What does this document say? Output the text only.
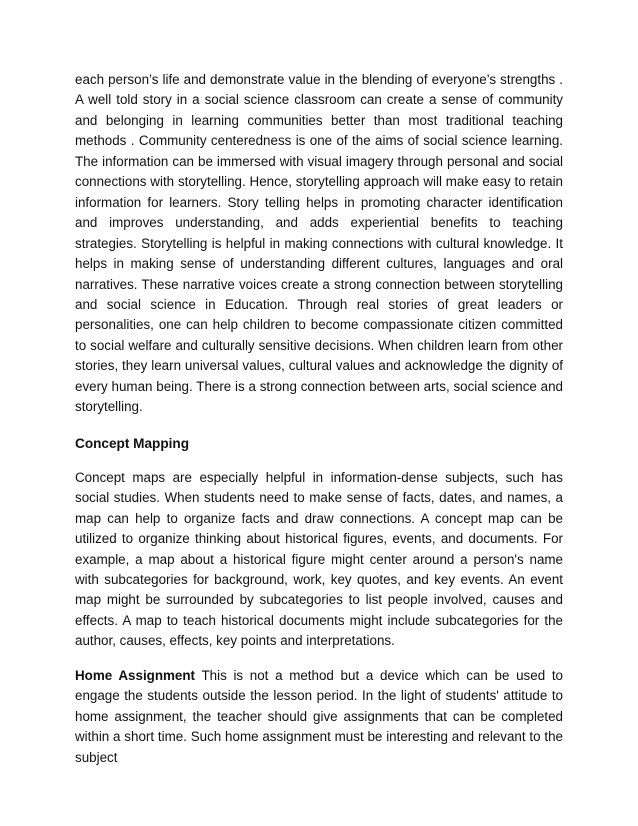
each person’s life and demonstrate value in the blending of everyone’s strengths . A well told story in a social science classroom can create a sense of community and belonging in learning communities better than most traditional teaching methods . Community centeredness is one of the aims of social science learning. The information can be immersed with visual imagery through personal and social connections with storytelling. Hence, storytelling approach will make easy to retain information for learners. Story telling helps in promoting character identification and improves understanding, and adds experiential benefits to teaching strategies. Storytelling is helpful in making connections with cultural knowledge. It helps in making sense of understanding different cultures, languages and oral narratives. These narrative voices create a strong connection between storytelling and social science in Education. Through real stories of great leaders or personalities, one can help children to become compassionate citizen committed to social welfare and culturally sensitive decisions. When children learn from other stories, they learn universal values, cultural values and acknowledge the dignity of every human being. There is a strong connection between arts, social science and storytelling.

Concept Mapping

Concept maps are especially helpful in information-dense subjects, such has social studies. When students need to make sense of facts, dates, and names, a map can help to organize facts and draw connections. A concept map can be utilized to organize thinking about historical figures, events, and documents. For example, a map about a historical figure might center around a person's name with subcategories for background, work, key quotes, and key events. An event map might be surrounded by subcategories to list people involved, causes and effects. A map to teach historical documents might include subcategories for the author, causes, effects, key points and interpretations.

Home Assignment This is not a method but a device which can be used to engage the students outside the lesson period. In the light of students' attitude to home assignment, the teacher should give assignments that can be completed within a short time. Such home assignment must be interesting and relevant to the subject
